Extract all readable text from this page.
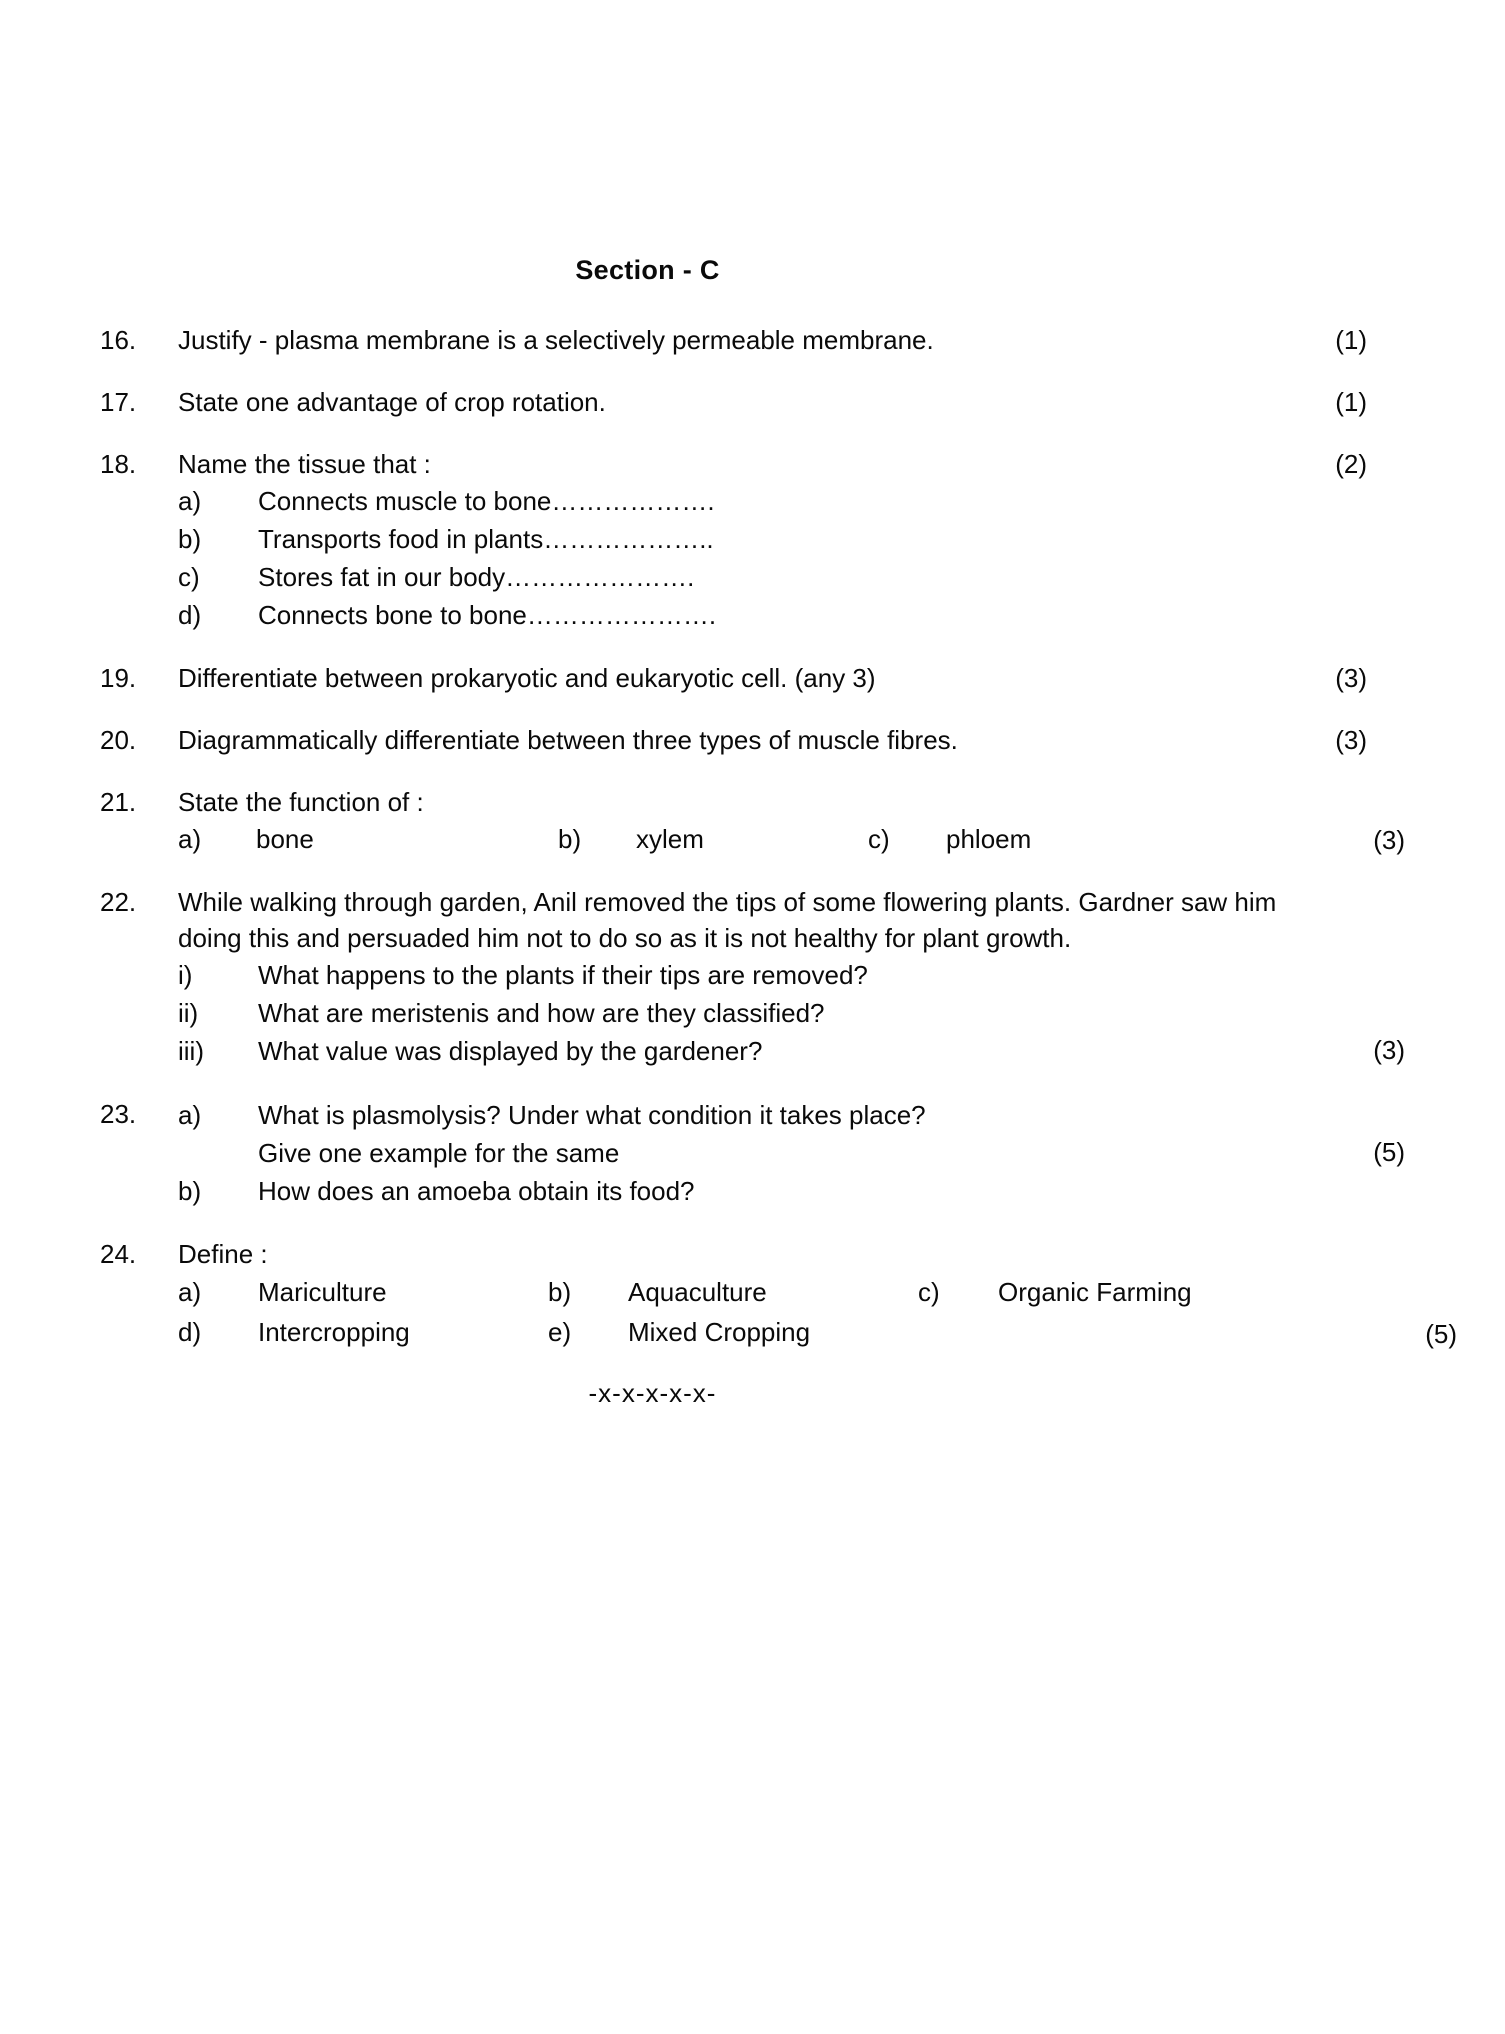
Section - C
16.	Justify - plasma membrane is a selectively permeable membrane.	(1)
17.	State one advantage of crop rotation.	(1)
18.	Name the tissue that :
a)	Connects muscle to bone……………….
b)	Transports food in plants………………..
c)	Stores fat in our body………………….
d)	Connects bone to bone………………….
(2)
19.	Differentiate between prokaryotic and eukaryotic cell. (any 3)	(3)
20.	Diagrammatically differentiate between three types of muscle fibres.	(3)
21.	State the function of :
a)	bone	b)	xylem	c)	phloem	(3)
22.	While walking through garden, Anil removed the tips of some flowering plants. Gardner saw him doing this and persuaded him not to do so as it is not healthy for plant growth.
i)	What happens to the plants if their tips are removed?
ii)	What are meristenis and how are they classified?
iii)	What value was displayed by the gardener?	(3)
23.	a)	What is plasmolysis? Under what condition it takes place?
Give one example for the same
b)	How does an amoeba obtain its food?
(5)
24.	Define :
a)	Mariculture	b)	Aquaculture	c)	Organic Farming
d)	Intercropping	e)	Mixed Cropping	(5)
-x-x-x-x-x-
